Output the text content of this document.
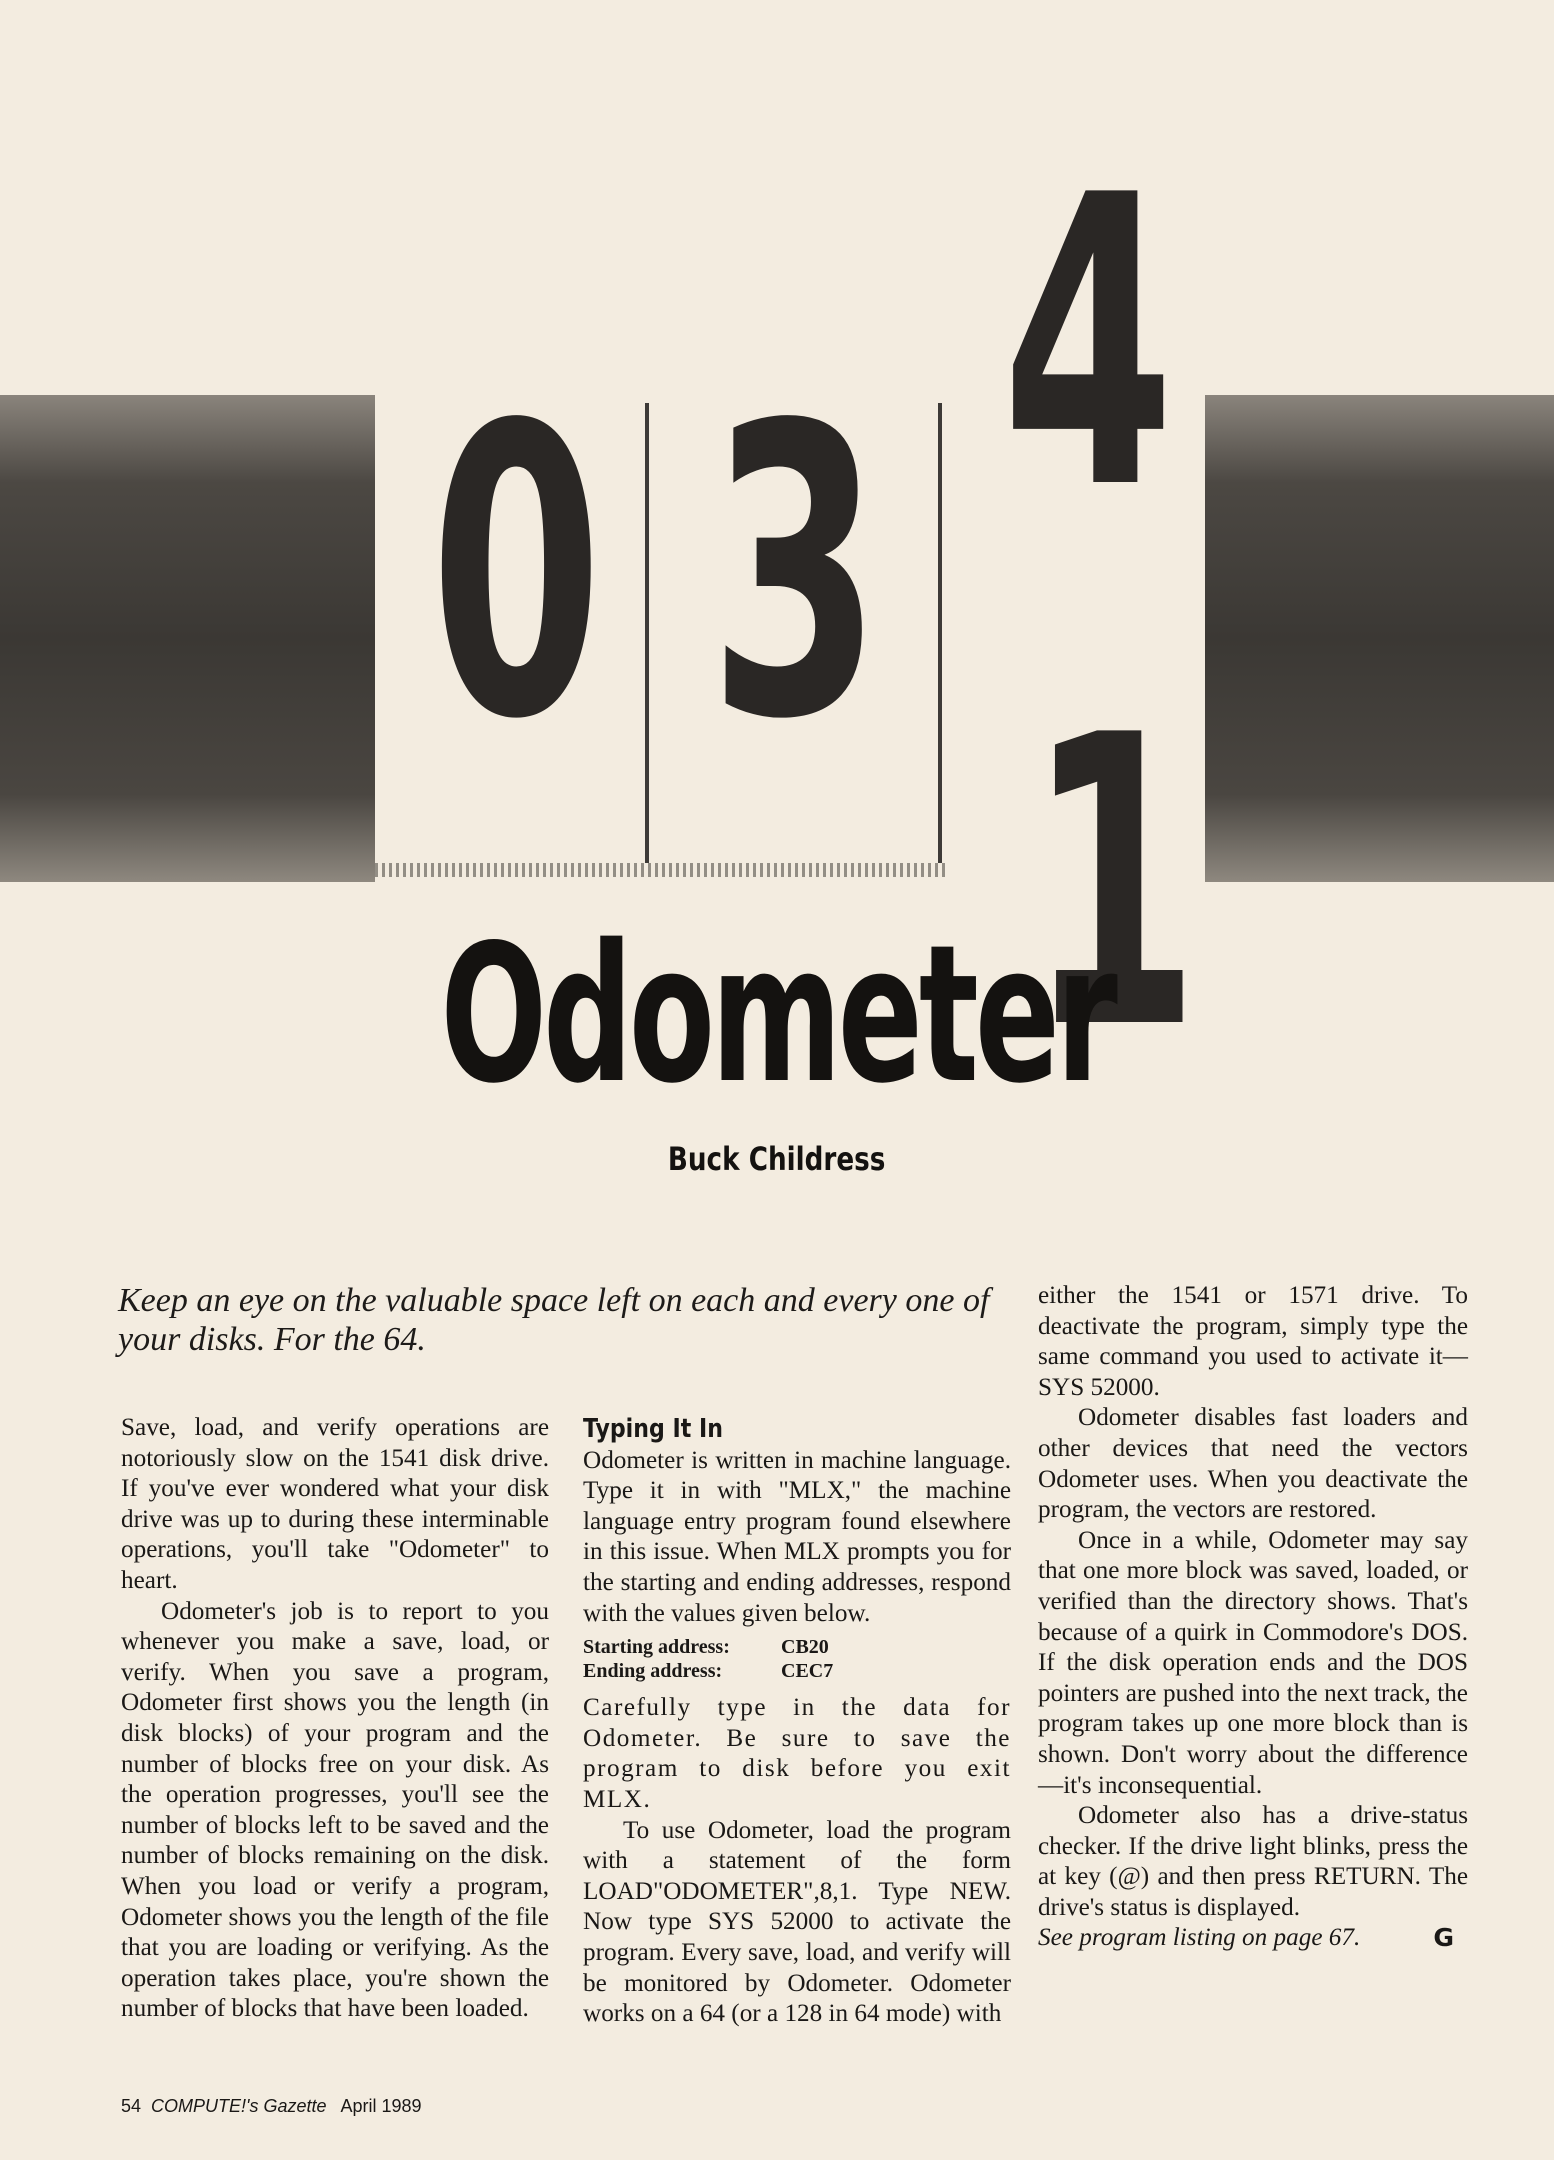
0 3 4
1
Odometer
Buck Childress
Keep an eye on the valuable space left on each and every one of your disks. For the 64.

Save, load, and verify operations are notoriously slow on the 1541 disk drive. If you've ever wondered what your disk drive was up to during these interminable operations, you'll take "Odometer" to heart.

Odometer's job is to report to you whenever you make a save, load, or verify. When you save a program, Odometer first shows you the length (in disk blocks) of your program and the number of blocks free on your disk. As the operation progresses, you'll see the number of blocks left to be saved and the number of blocks remaining on the disk. When you load or verify a program, Odometer shows you the length of the file that you are loading or verifying. As the operation takes place, you're shown the number of blocks that have been loaded.

Typing It In

Odometer is written in machine language. Type it in with "MLX," the machine language entry program found elsewhere in this issue. When MLX prompts you for the starting and ending addresses, respond with the values given below.

Starting address:	CB20
Ending address:	CEC7

Carefully type in the data for Odometer. Be sure to save the program to disk before you exit MLX.

To use Odometer, load the program with a statement of the form LOAD"ODOMETER",8,1. Type NEW. Now type SYS 52000 to activate the program. Every save, load, and verify will be monitored by Odometer. Odometer works on a 64 (or a 128 in 64 mode) with

either the 1541 or 1571 drive. To deactivate the program, simply type the same command you used to activate it—SYS 52000.

Odometer disables fast loaders and other devices that need the vectors Odometer uses. When you deactivate the program, the vectors are restored.

Once in a while, Odometer may say that one more block was saved, loaded, or verified than the directory shows. That's because of a quirk in Commodore's DOS. If the disk operation ends and the DOS pointers are pushed into the next track, the program takes up one more block than is shown. Don't worry about the difference—it's inconsequential.

Odometer also has a drive-status checker. If the drive light blinks, press the at key (@) and then press RETURN. The drive's status is displayed.

See program listing on page 67.	G

54 COMPUTE!'s Gazette April 1989
